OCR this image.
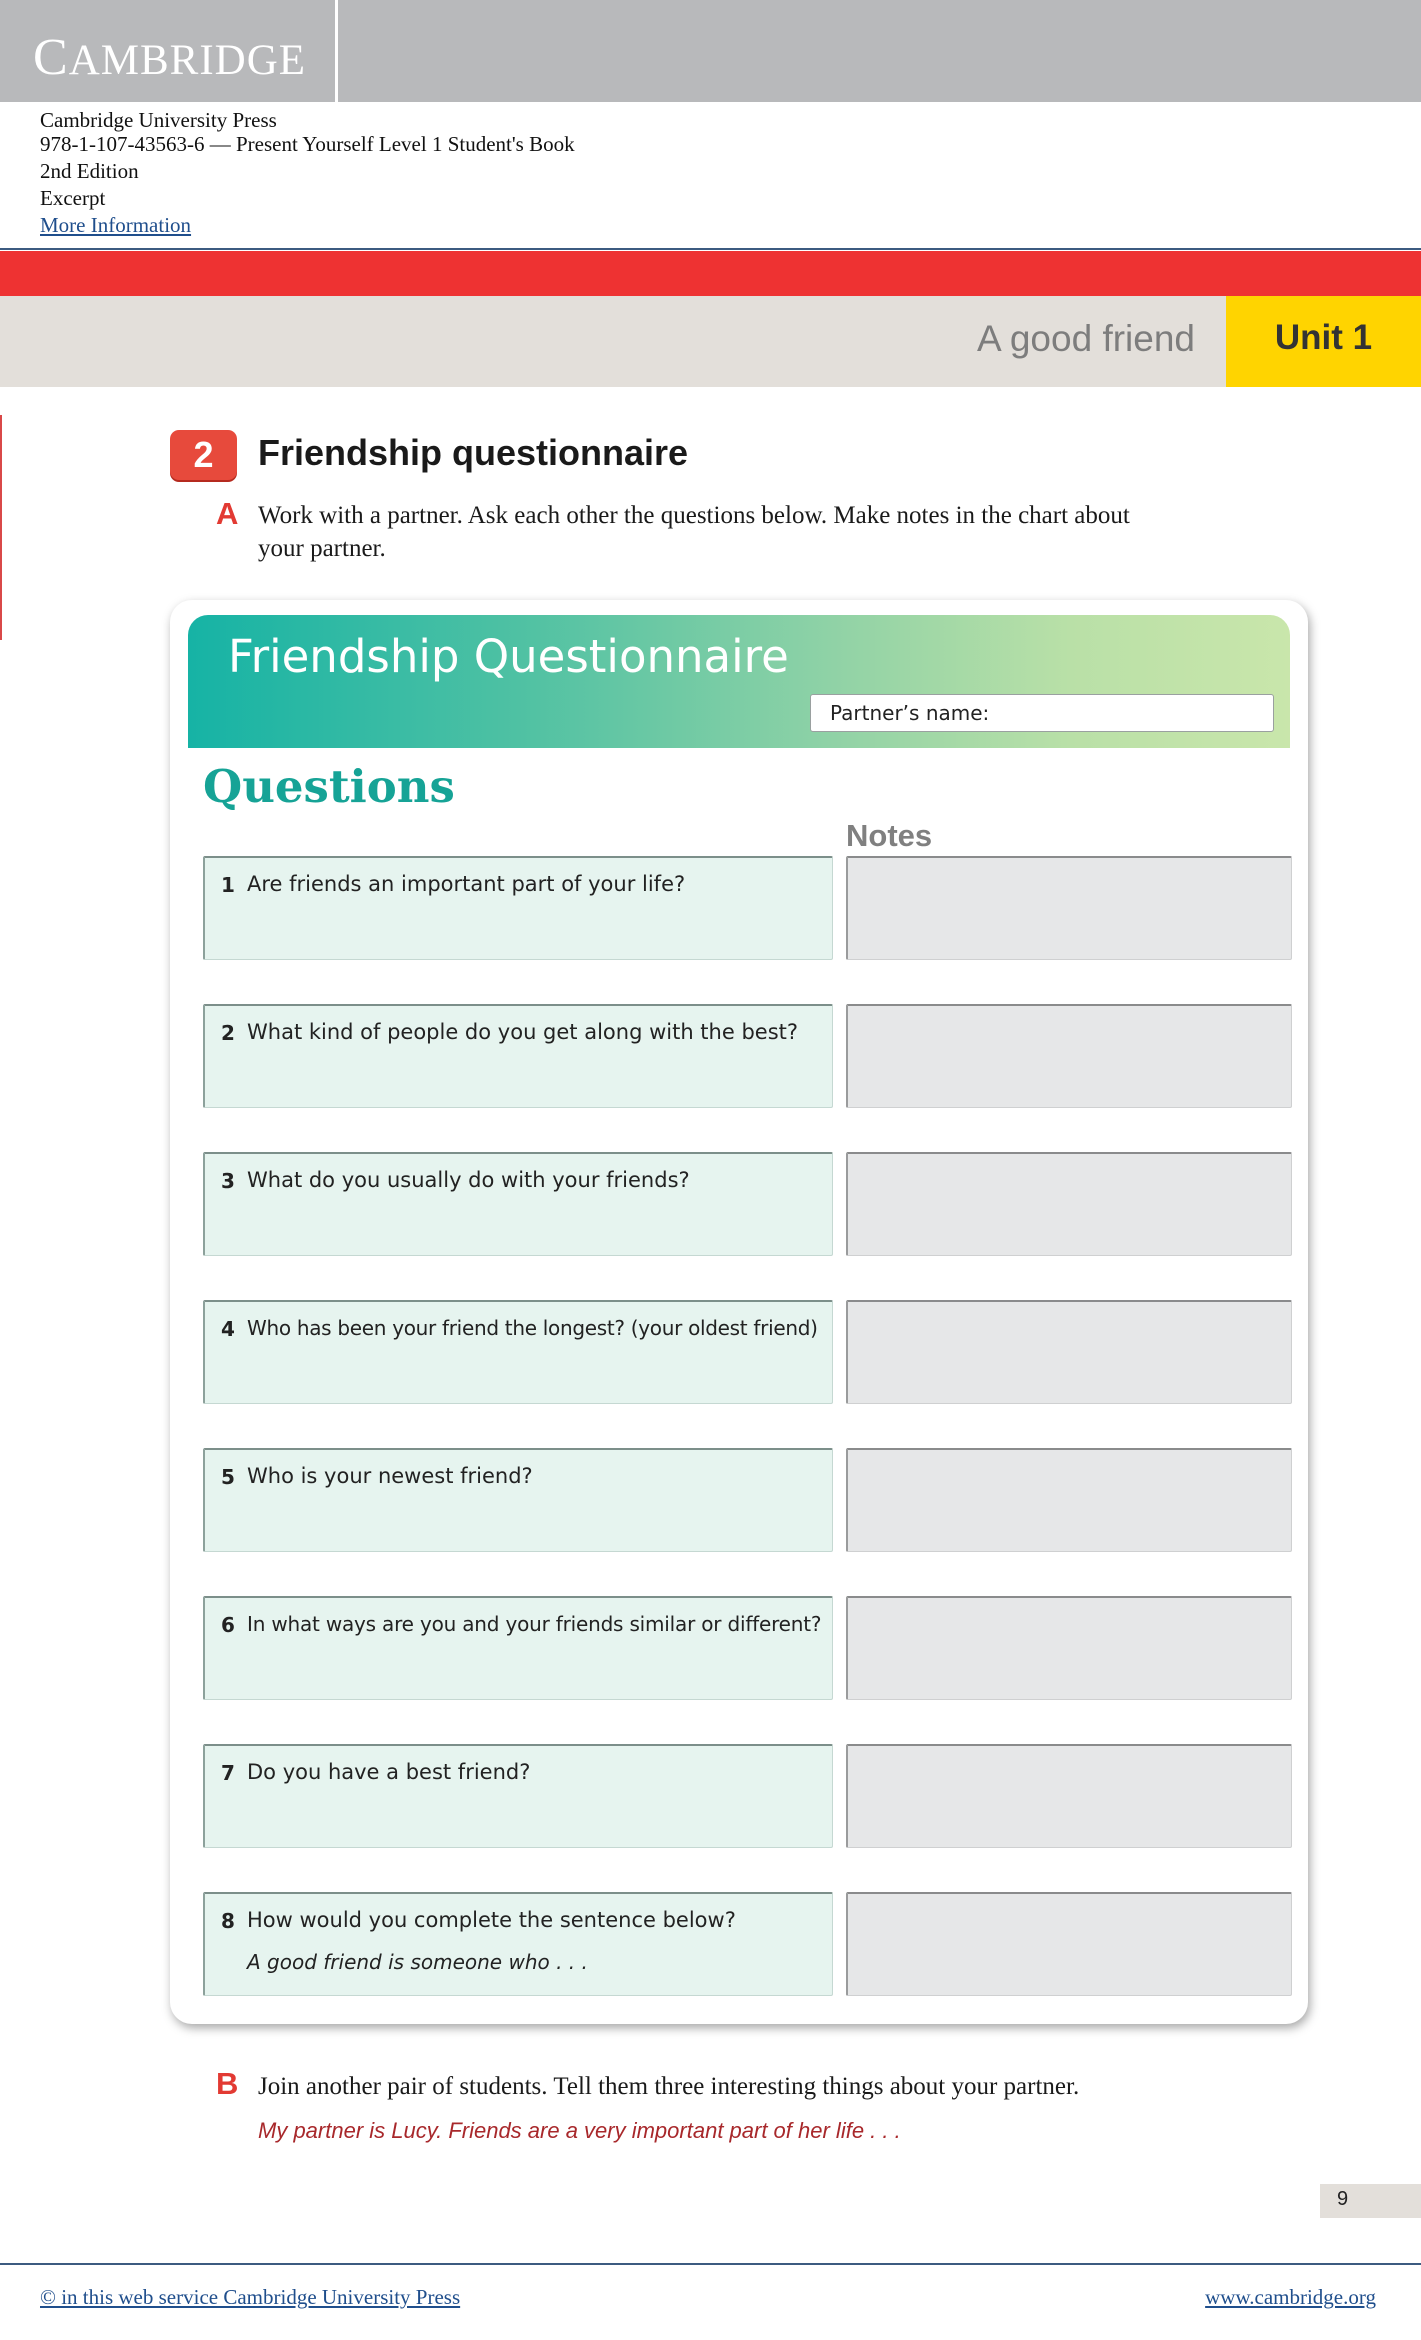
CAMBRIDGE
Cambridge University Press
978-1-107-43563-6 — Present Yourself Level 1 Student's Book
2nd Edition
Excerpt
More Information
A good friend	Unit 1
2	Friendship questionnaire
A Work with a partner. Ask each other the questions below. Make notes in the chart about
your partner.
Friendship Questionnaire
Partner’s name:
Questions
Notes
1 Are friends an important part of your life?
2 What kind of people do you get along with the best?
3 What do you usually do with your friends?
4 Who has been your friend the longest? (your oldest friend)
5 Who is your newest friend?
6 In what ways are you and your friends similar or different?
7 Do you have a best friend?
8 How would you complete the sentence below?
A good friend is someone who . . .
B Join another pair of students. Tell them three interesting things about your partner.
My partner is Lucy. Friends are a very important part of her life . . .
9
© in this web service Cambridge University Press	www.cambridge.org
